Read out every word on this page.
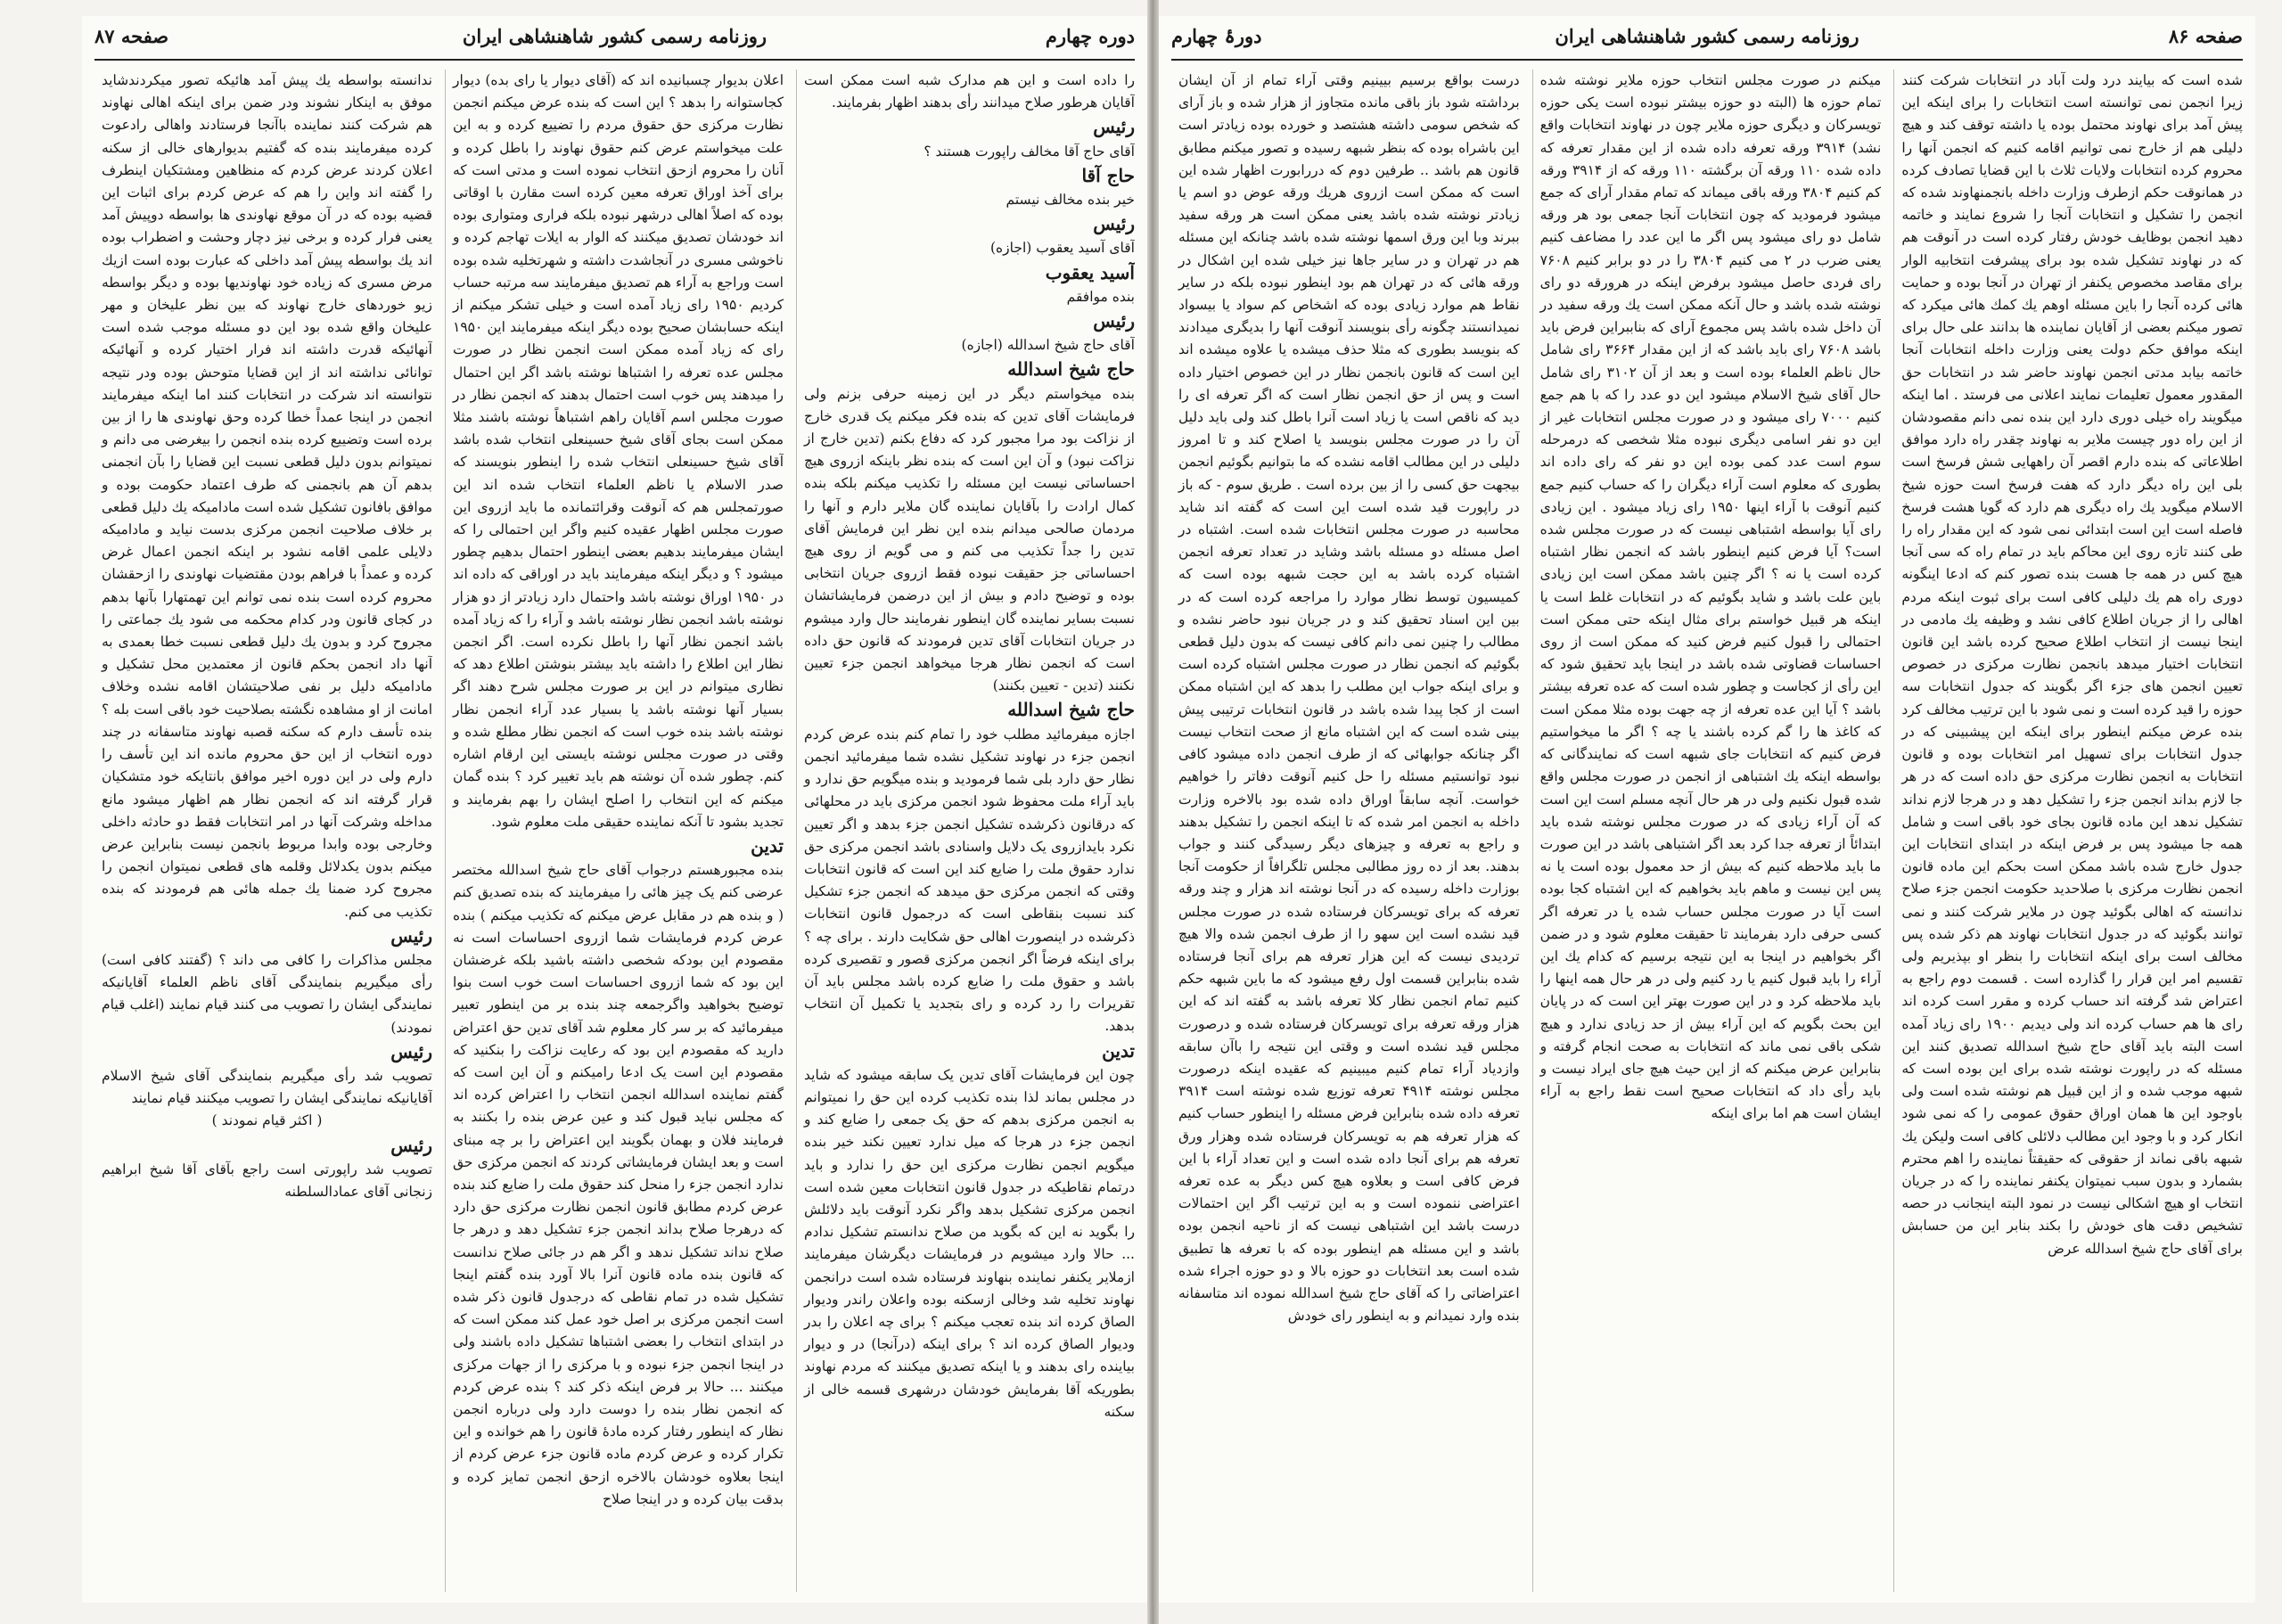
صفحه ۸۷	روزنامه رسمی کشور شاهنشاهی ایران	دوره چهارم

را داده است و این هم مدارک شبه است ممکن است آقایان هرطور صلاح میدانند رأی بدهند اظهار بفرمایند.

رئیس

آقای حاج آقا مخالف راپورت هستند ؟

حاج آقا

خیر بنده مخالف نیستم

رئیس

آقای آسید یعقوب (اجازه)

آسید یعقوب

بنده موافقم

رئیس

آقای حاج شیخ اسدالله (اجازه)

حاج شیخ اسدالله

بنده میخواستم دیگر در این زمینه حرفی بزنم ولی فرمایشات آقای تدین که بنده فکر میکنم یک قدری خارج از نزاکت بود مرا مجبور کرد که دفاع بکنم (تدین خارج از نزاکت نبود) و آن این است که بنده نظر باینکه ازروی هیچ احساساتی نیست این مسئله را تکذیب میکنم بلکه بنده کمال ارادت را بآقایان نماینده گان ملایر دارم و آنها را مردمان صالحی میدانم بنده این نظر این فرمایش آقای تدین را جداً تکذیب می کنم و می گویم از روی هیچ احساساتی جز حقیقت نبوده فقط ازروی جریان انتخابی بوده و توضیح دادم و بیش از این درضمن فرمایشاتشان نسبت بسایر نماینده گان اینطور نفرمایند حال وارد میشوم در جریان انتخابات آقای تدین فرمودند که قانون حق داده است که انجمن نظار هرجا میخواهد انجمن جزء تعیین نکنند (تدین - تعیین بکنند)

حاج شیخ اسدالله

اجازه میفرمائید مطلب خود را تمام کنم بنده عرض کردم انجمن جزء در نهاوند تشکیل نشده شما میفرمائید انجمن نظار حق دارد بلی شما فرمودید و بنده میگویم حق ندارد و باید آراء ملت محفوظ شود انجمن مرکزی باید در محلهائی که درقانون ذکرشده تشکیل انجمن جزء بدهد و اگر تعیین نکرد بایدازروی یک دلایل واسنادی باشد انجمن مرکزی حق ندارد حقوق ملت را ضایع کند این است که قانون انتخابات وقتی که انجمن مرکزی حق میدهد که انجمن جزء تشکیل کند نسبت بنقاطی است که درجمول قانون انتخابات ذکرشده در اینصورت اهالی حق شکایت دارند . برای چه ؟ برای اینکه فرضاً اگر انجمن مرکزی قصور و تقصیری کرده باشد و حقوق ملت را ضایع کرده باشد مجلس باید آن تقریرات را رد کرده و رای بتجدید یا تکمیل آن انتخاب بدهد.

تدین

چون این فرمایشات آقای تدین یک سابقه میشود که شاید در مجلس بماند لذا بنده تکذیب کرده این حق را نمیتوانم به انجمن مرکزی بدهم که حق یک جمعی را ضایع کند و انجمن جزء در هرجا که میل ندارد تعیین نکند خیر بنده میگویم انجمن نظارت مرکزی این حق را ندارد و باید درتمام نقاطیکه در جدول قانون انتخابات معین شده است انجمن مرکزی تشکیل بدهد واگر نکرد آنوقت باید دلائلش را بگوید نه این که بگوید من صلاح ندانستم تشکیل ندادم ... حالا وارد میشویم در فرمایشات دیگرشان میفرمایند ازملایر یکنفر نماینده بنهاوند فرستاده شده است درانجمن نهاوند تخلیه شد وخالی ازسکنه بوده واعلان راندر ودیوار الصاق کرده اند بنده تعجب میکنم ؟ برای چه اعلان را بدر ودیوار الصاق کرده اند ؟ برای اینکه (درآنجا) در و دیوار بیاینده رای بدهند و یا اینکه تصدیق میکنند که مردم نهاوند بطوریکه آقا بفرمایش خودشان درشهری قسمه خالی از سکنه

اعلان بدیوار چسبانیده اند که (آقای دیوار یا رای بده) دیوار کجاستوانه را بدهد ؟ این است که بنده عرض میکنم انجمن نظارت مرکزی حق حقوق مردم را تضییع کرده و به این علت میخواستم عرض کنم حقوق نهاوند را باطل کرده و آنان را محروم ازحق انتخاب نموده است و مدتی است که برای آخذ اوراق تعرفه معین کرده است مقارن با اوقاتی بوده که اصلاً اهالی درشهر نبوده بلکه فراری ومتواری بوده اند خودشان تصدیق میکنند که الوار به ایلات تهاجم کرده و ناخوشی مسری در آنجاشدت داشته و شهرتخلیه شده بوده است وراجع به آراء هم تصدیق میفرمایند سه مرتبه حساب کردیم ۱۹۵۰ رای زیاد آمده است و خیلی تشکر میکنم از اینکه حسابشان صحیح بوده دیگر اینکه میفرمایند این ۱۹۵۰ رای که زیاد آمده ممکن است انجمن نظار در صورت مجلس عده تعرفه را اشتباها نوشته باشد اگر این احتمال را میدهند پس خوب است احتمال بدهند که انجمن نظار در صورت مجلس اسم آقایان راهم اشتباهاً نوشته باشند مثلا ممکن است بجای آقای شیخ حسینعلی انتخاب شده باشد آقای شیخ حسینعلی انتخاب شده را اینطور بنویسند که صدر الاسلام یا ناظم العلماء انتخاب شده اند این صورتمجلس هم که آنوقت وقرائتمانده ما باید ازروی این صورت مجلس اظهار عقیده کنیم واگر این احتمالی را که ایشان میفرمایند بدهیم بعضی اینطور احتمال بدهیم چطور میشود ؟ و دیگر اینکه میفرمایند باید در اوراقی که داده اند در ۱۹۵۰ اوراق نوشته باشد واحتمال دارد زیادتر از دو هزار نوشته باشد انجمن نظار نوشته باشد و آراء را که زیاد آمده باشد انجمن نظار آنها را باطل نکرده است. اگر انجمن نظار این اطلاع را داشته باید بیشتر بنوشتن اطلاع دهد که نظاری میتوانم در این بر صورت مجلس شرح دهند اگر بسیار آنها نوشته باشد یا بسیار عدد آراء انجمن نظار نوشته باشد بنده خوب است که انجمن نظار مطلع شده و وقتی در صورت مجلس نوشته بایستی این ارقام اشاره کنم. چطور شده آن نوشته هم باید تغییر کرد ؟ بنده گمان میکنم که این انتخاب را اصلح ایشان را بهم بفرمایند و تجدید بشود تا آنکه نماینده حقیقی ملت معلوم شود.

تدین

بنده مجبورهستم درجواب آقای حاج شیخ اسدالله مختصر عرضی کنم یک چیز هائی را میفرمایند که بنده تصدیق کنم ( و بنده هم در مقابل عرض میکنم که تکذیب میکنم ) بنده عرض کردم فرمایشات شما ازروی احساسات است نه مقصودم این بودکه شخصی داشته باشید بلکه غرضشان این بود که شما ازروی احساسات است خوب است بنوا توضیح بخواهید واگرجمعه چند بنده بر من اینطور تعبیر میفرمائید که بر سر کار معلوم شد آقای تدین حق اعتراض دارید که مقصودم این بود که رعایت نزاکت را بنکنید که مقصودم این است یک ادعا رامیکنم و آن این است که گفتم نماینده اسدالله انجمن انتخاب را اعتراض کرده اند که مجلس نباید قبول کند و عین عرض بنده را بکنند به فرمایند فلان و بهمان بگویند این اعتراض را بر چه مبنای است و بعد ایشان فرمایشاتی کردند که انجمن مرکزی حق ندارد انجمن جزء را منحل کند حقوق ملت را ضایع کند بنده عرض کردم مطابق قانون انجمن نظارت مرکزی حق دارد که درهرجا صلاح بداند انجمن جزء تشکیل دهد و درهر جا صلاح نداند تشکیل ندهد و اگر هم در جائی صلاح ندانست که قانون بنده ماده قانون آنرا بالا آورد بنده گفتم اینجا تشکیل شده در تمام نقاطی که درجدول قانون ذکر شده است انجمن مرکزی بر اصل خود عمل کند ممکن است که در ابتدای انتخاب را بعضی اشتباها تشکیل داده باشند ولی در اینجا انجمن جزء نبوده و با مرکزی را از جهات مرکزی میکنند ... حالا بر فرض اینکه ذکر کند ؟ بنده عرض کردم که انجمن نظار بنده را دوست دارد ولی درباره انجمن نظار که اینطور رفتار کرده مادۀ قانون را هم خوانده و این تکرار کرده و عرض کردم ماده قانون جزء عرض کردم از اینجا بعلاوه خودشان بالاخره ازحق انجمن تمایز کرده و بدقت بیان کرده و در اینجا صلاح

ندانسته بواسطه یك پیش آمد هائیکه تصور میکردندشاید موفق به اینکار نشوند ودر ضمن برای اینکه اهالی نهاوند هم شرکت کنند نماینده باآنجا فرستادند واهالی رادعوت کرده میفرمایند بنده که گفتیم بدیوارهای خالی از سکنه اعلان کردند عرض کردم که منظاهین ومشتکیان اینطرف را گفته اند واین را هم که عرض کردم برای اثبات این قضیه بوده که در آن موقع نهاوندی ها بواسطه دوپیش آمد یعنی فرار کرده و برخی نیز دچار وحشت و اضطراب بوده اند یك بواسطه پیش آمد داخلی که عبارت بوده است ازیك مرض مسری که زیاده خود نهاوندیها بوده و دیگر بواسطه زیو خوردهای خارج نهاوند که بین نظر علیخان و مهر علیخان واقع شده بود این دو مسئله موجب شده است آنهائیکه قدرت داشته اند فرار اختیار کرده و آنهائیکه توانائی نداشته اند از این قضایا متوحش بوده ودر نتیجه نتوانسته اند شرکت در انتخابات کنند اما اینکه میفرمایند انجمن در اینجا عمداً خطا کرده وحق نهاوندی ها را از بین برده است وتضییع کرده بنده انجمن را بیغرضی می دانم و نمیتوانم بدون دلیل قطعی نسبت این قضایا را بآن انجمنی بدهم آن هم بانجمنی که طرف اعتماد حکومت بوده و موافق بافانون تشکیل شده است مادامیکه یك دلیل قطعی بر خلاف صلاحیت انجمن مرکزی بدست نیاید و مادامیکه دلایلی علمی اقامه نشود بر اینکه انجمن اعمال غرض کرده و عمداً با فراهم بودن مقتضیات نهاوندی را ازحقشان محروم کرده است بنده نمی توانم این تهمتهارا بآنها بدهم در کجای قانون ودر کدام محکمه می شود یك جماعتی را مجروح کرد و بدون یك دلیل قطعی نسبت خطا بعمدی به آنها داد انجمن بحکم قانون از معتمدین محل تشکیل و مادامیکه دلیل بر نفی صلاحیتشان اقامه نشده وخلاف امانت از او مشاهده نگشته بصلاحیت خود باقی است بله ؟ بنده تأسف دارم که سکنه قصبه نهاوند متاسفانه در چند دوره انتخاب از این حق محروم مانده اند این تأسف را دارم ولی در این دوره اخیر موافق بانتایکه خود متشکیان قرار گرفته اند که انجمن نظار هم اظهار میشود مانع مداخله وشرکت آنها در امر انتخابات فقط دو حادثه داخلی وخارجی بوده وابدا مربوط بانجمن نیست بنابراین عرض میکنم بدون یکدلائل وقلمه های قطعی نمیتوان انجمن را مجروح کرد ضمنا یك جمله هائی هم فرمودند که بنده تکذیب می کنم.

رئیس

مجلس مذاکرات را کافی می داند ؟ (گفتند کافی است) رأی میگیریم بنمایندگی آقای ناظم العلماء آقایانیکه نمایندگی ایشان را تصویب می کنند قیام نمایند (اغلب قیام نمودند)

رئیس

تصویب شد رأی میگیریم بنمایندگی آقای شیخ الاسلام آقایانیکه نمایندگی ایشان را تصویب میکنند قیام نمایند

( اکثر قیام نمودند )
رئیس

تصویب شد راپورتی است راجع بآقای آقا شیخ ابراهیم زنجانی آقای عمادالسلطنه

صفحه ۸۶
روزنامه رسمی کشور شاهنشاهی ایران
دورۂ چهارم

شده است که بیایند درد ولت آباد در انتخابات شرکت کنند زیرا انجمن نمی توانسته است انتخابات را برای اینکه این پیش آمد برای نهاوند محتمل بوده یا داشته توقف کند و هیچ دلیلی هم از خارج نمی توانیم اقامه کنیم که انجمن آنها را محروم کرده انتخابات ولایات ثلاث با این قضایا تصادف کرده در همانوقت حکم ازطرف وزارت داخله بانجمنهاوند شده که انجمن را تشکیل و انتخابات آنجا را شروع نمایند و خاتمه دهید انجمن بوظایف خودش رفتار کرده است در آنوقت هم که در نهاوند تشکیل شده بود برای پیشرفت انتخابیه الوار برای مقاصد مخصوص یکنفر از تهران در آنجا بوده و حمایت هائی کرده آنجا را باین مسئله اوهم یك کمك هائی میکرد که تصور میکنم بعضی از آقایان نماینده ها بدانند علی حال برای اینکه موافق حکم دولت یعنی وزارت داخله انتخابات آنجا خاتمه بیابد مدتی انجمن نهاوند حاضر شد در انتخابات حق المقدور معمول تعلیمات نمایند اعلانی می فرستد . اما اینکه میگویند راه خیلی دوری دارد این بنده نمی دانم مقصودشان از این راه دور چیست ملایر به نهاوند چقدر راه دارد موافق اطلاعاتی که بنده دارم اقصر آن راههایی شش فرسخ است بلی این راه دیگر دارد که هفت فرسخ است حوزه شیخ الاسلام میگوید یك راه دیگری هم دارد که گویا هشت فرسخ فاصله است این است ابتدائی نمی شود که این مقدار راه را طی کنند تازه روی این محاکم باید در تمام راه که سی آنجا هیچ کس در همه جا هست بنده تصور کنم که ادعا اینگونه دوری راه هم یك دلیلی کافی است برای ثبوت اینکه مردم اهالی را از جریان اطلاع کافی نشد و وظیفه یك مادمی در اینجا نیست از انتخاب اطلاع صحیح کرده باشد این قانون انتخابات اختیار میدهد بانجمن نظارت مرکزی در خصوص تعیین انجمن های جزء اگر بگویند که جدول انتخابات سه حوزه را قید کرده است و نمی شود با این ترتیب مخالف کرد بنده عرض میکنم اینطور برای اینکه این پیشبینی که در جدول انتخابات برای تسهیل امر انتخابات بوده و قانون انتخابات به انجمن نظارت مرکزی حق داده است که در هر جا لازم بداند انجمن جزء را تشکیل دهد و در هرجا لازم نداند تشکیل ندهد این ماده قانون بجای خود باقی است و شامل همه جا میشود پس بر فرض اینکه در ابتدای انتخابات این جدول خارج شده باشد ممکن است بحکم این ماده قانون انجمن نظارت مرکزی با صلاحدید حکومت انجمن جزء صلاح ندانسته که اهالی بگوئید چون در ملایر شرکت کنند و نمی توانند بگوئید که در جدول انتخابات نهاوند هم ذکر شده پس مخالف است برای اینکه انتخابات را بنظر او بپذیریم ولی تقسیم امر این قرار را گذارده است . قسمت دوم راجع به اعتراض شد گرفته اند حساب کرده و مقرر است کرده اند رای ها هم حساب کرده اند ولی دیدیم ۱۹۰۰ رای زیاد آمده است البته باید آقای حاج شیخ اسدالله تصدیق کنند این مسئله که در راپورت نوشته شده برای این بوده است که شبهه موجب شده و از این قبیل هم نوشته شده است ولی باوجود این ها همان اوراق حقوق عمومی را که نمی شود انکار کرد و با وجود این مطالب دلائلی کافی است ولیکن یك شبهه باقی نماند از حقوقی که حقیقتاً نماینده را اهم محترم بشمارد و بدون سبب نمیتوان یکنفر نماینده را که در جریان انتخاب او هیچ اشکالی نیست در نمود البته اینجانب در حصه تشخیص دقت های خودش را بکند بنابر این من حسابش برای آقای حاج شیخ اسدالله عرض

میکنم در صورت مجلس انتخاب حوزه ملایر نوشته شده تمام حوزه ها (البته دو حوزه بیشتر نبوده است یکی حوزه تویسرکان و دیگری حوزه ملایر چون در نهاوند انتخابات واقع نشد) ۳۹۱۴ ورقه تعرفه داده شده از این مقدار تعرفه که داده شده ۱۱۰ ورقه آن برگشته ۱۱۰ ورقه که از ۳۹۱۴ ورقه کم کنیم ۳۸۰۴ ورقه باقی میماند که تمام مقدار آرای که جمع میشود فرمودید که چون انتخابات آنجا جمعی بود هر ورقه شامل دو رای میشود پس اگر ما این عدد را مضاعف کنیم یعنی ضرب در ۲ می کنیم ۳۸۰۴ را در دو برابر کنیم ۷۶۰۸ رای فردی حاصل میشود برفرض اینکه در هرورقه دو رای نوشته شده باشد و حال آنکه ممکن است یك ورقه سفید در آن داخل شده باشد پس مجموع آرای که بناببراین فرض باید باشد ۷۶۰۸ رای باید باشد که از این مقدار ۳۶۶۴ رای شامل حال ناظم العلماء بوده است و بعد از آن ۳۱۰۲ رای شامل حال آقای شیخ الاسلام میشود این دو عدد را که با هم جمع کنیم ۷۰۰۰ رای میشود و در صورت مجلس انتخابات غیر از این دو نفر اسامی دیگری نبوده مثلا شخصی که درمرحله سوم است عدد کمی بوده این دو نفر که رای داده اند بطوری که معلوم است آراء دیگران را که حساب کنیم جمع کنیم آنوقت با آراء اینها ۱۹۵۰ رای زیاد میشود . این زیادی رای آیا بواسطه اشتباهی نیست که در صورت مجلس شده است؟ آیا فرض کنیم اینطور باشد که انجمن نظار اشتباه کرده است یا نه ؟ اگر چنین باشد ممکن است این زیادی باین علت باشد و شاید بگوئیم که در انتخابات غلط است یا اینکه هر قبیل خواستم برای مثال اینکه حتی ممکن است احتمالی را قبول کنیم فرض کنید که ممکن است از روی احساسات قضاوتی شده باشد در اینجا باید تحقیق شود که این رأی از کجاست و چطور شده است که عده تعرفه بیشتر باشد ؟ آیا این عده تعرفه از چه جهت بوده مثلا ممکن است که کاغذ ها را گم کرده باشند یا چه ؟ اگر ما میخواستیم فرض کنیم که انتخابات جای شبهه است که نمایندگانی که بواسطه اینکه یك اشتباهی از انجمن در صورت مجلس واقع شده قبول نکنیم ولی در هر حال آنچه مسلم است این است که آن آراء زیادی که در صورت مجلس نوشته شده باید ابتدائاً از تعرفه جدا کرد بعد اگر اشتباهی باشد در این صورت ما باید ملاحظه کنیم که بیش از حد معمول بوده است یا نه پس این نیست و ماهم باید بخواهیم که این اشتباه کجا بوده است آیا در صورت مجلس حساب شده یا در تعرفه اگر کسی حرفی دارد بفرمایند تا حقیقت معلوم شود و در ضمن اگر بخواهیم در اینجا به این نتیجه برسیم که کدام یك این آراء را باید قبول کنیم یا رد کنیم ولی در هر حال همه اینها را باید ملاحظه کرد و در این صورت بهتر این است که در پایان این بحث بگویم که این آراء بیش از حد زیادی ندارد و هیچ شکی باقی نمی ماند که انتخابات به صحت انجام گرفته و بنابراین عرض میکنم که از این حیث هیچ جای ایراد نیست و باید رأی داد که انتخابات صحیح است نقط راجع به آراء ایشان است هم اما برای اینکه

درست بواقع برسیم بیینیم وقتی آراء تمام از آن ایشان برداشته شود باز باقی مانده متجاوز از هزار شده و باز آرای که شخص سومی داشته هشتصد و خورده بوده زیادتر است این باشراه بوده که بنظر شبهه رسیده و تصور میکنم مطابق قانون هم باشد .. طرفین دوم که دررابورت اظهار شده این است که ممکن است ازروی هریك ورقه عوض دو اسم یا زیادتر نوشته شده باشد یعنی ممکن است هر ورقه سفید ببرند وبا این ورق اسمها نوشته شده باشد چنانکه این مسئله هم در تهران و در سایر جاها نیز خیلی شده این اشکال در ورقه هائی که در تهران هم بود اینطور نبوده بلکه در سایر نقاط هم موارد زیادی بوده که اشخاص کم سواد یا بیسواد نمیدانستند چگونه رأی بنویسند آنوقت آنها را بدیگری میدادند که بنویسد بطوری که مثلا حذف میشده یا علاوه میشده اند این است که قانون بانجمن نظار در این خصوص اختیار داده است و پس از حق انجمن نظار است که اگر تعرفه ای را دید که ناقص است یا زیاد است آنرا باطل کند ولی باید دلیل آن را در صورت مجلس بنویسد یا اصلاح کند و تا امروز دلیلی در این مطالب اقامه نشده که ما بتوانیم بگوئیم انجمن بیجهت حق کسی را از بین برده است . طریق سوم - که باز در راپورت قید شده است این است که گفته اند شاید محاسبه در صورت مجلس انتخابات شده است. اشتباه در اصل مسئله دو مسئله باشد وشاید در تعداد تعرفه انجمن اشتباه کرده باشد به این حجت شبهه بوده است که کمیسیون توسط نظار موارد را مراجعه کرده است که در بین این اسناد تحقیق کند و در جریان نبود حاضر نشده و مطالب را چنین نمی دانم کافی نیست که بدون دلیل قطعی بگوئیم که انجمن نظار در صورت مجلس اشتباه کرده است و برای اینکه جواب این مطلب را بدهد که این اشتباه ممکن است از کجا پیدا شده باشد در قانون انتخابات ترتیبی پیش بینی شده است که این اشتباه مانع از صحت انتخاب نیست اگر چنانکه جوابهائی که از طرف انجمن داده میشود کافی نبود توانستیم مسئله را حل کنیم آنوقت دفاتر را خواهیم خواست. آنچه سابقاً اوراق داده شده بود بالاخره وزارت داخله به انجمن امر شده که تا اینکه انجمن را تشکیل بدهند و راجع به تعرفه و چیزهای دیگر رسیدگی کنند و جواب بدهند. بعد از ده روز مطالبی مجلس تلگرافاً از حکومت آنجا بوزارت داخله رسیده که در آنجا نوشته اند هزار و چند ورقه تعرفه که برای تویسرکان فرستاده شده در صورت مجلس قید نشده است این سهو را از طرف انجمن شده والا هیچ تردیدی نیست که این هزار تعرفه هم برای آنجا فرستاده شده بنابراین قسمت اول رفع میشود که ما باین شبهه حکم کنیم تمام انجمن نظار کلا تعرفه باشد به گفته اند که این هزار ورقه تعرفه برای تویسرکان فرستاده شده و درصورت مجلس قید نشده است و وقتی این نتیجه را باآن سابقه وازدیاد آراء تمام کنیم میبینیم که عقیده اینکه درصورت مجلس نوشته ۴۹۱۴ تعرفه توزیع شده نوشته است ۳۹۱۴ تعرفه داده شده بنابراین فرض مسئله را اینطور حساب کنیم که هزار تعرفه هم به تویسرکان فرستاده شده وهزار ورق تعرفه هم برای آنجا داده شده است و این تعداد آراء با این فرض کافی است و بعلاوه هیچ کس دیگر به عده تعرفه اعتراضی ننموده است و به این ترتیب اگر این احتمالات درست باشد این اشتباهی نیست که از ناحیه انجمن بوده باشد و این مسئله هم اینطور بوده که با تعرفه ها تطبیق شده است بعد انتخابات دو حوزه بالا و دو حوزه اجراء شده اعتراضاتی را که آقای حاج شیخ اسدالله نموده اند متاسفانه بنده وارد نمیدانم و به اینطور رای خودش
